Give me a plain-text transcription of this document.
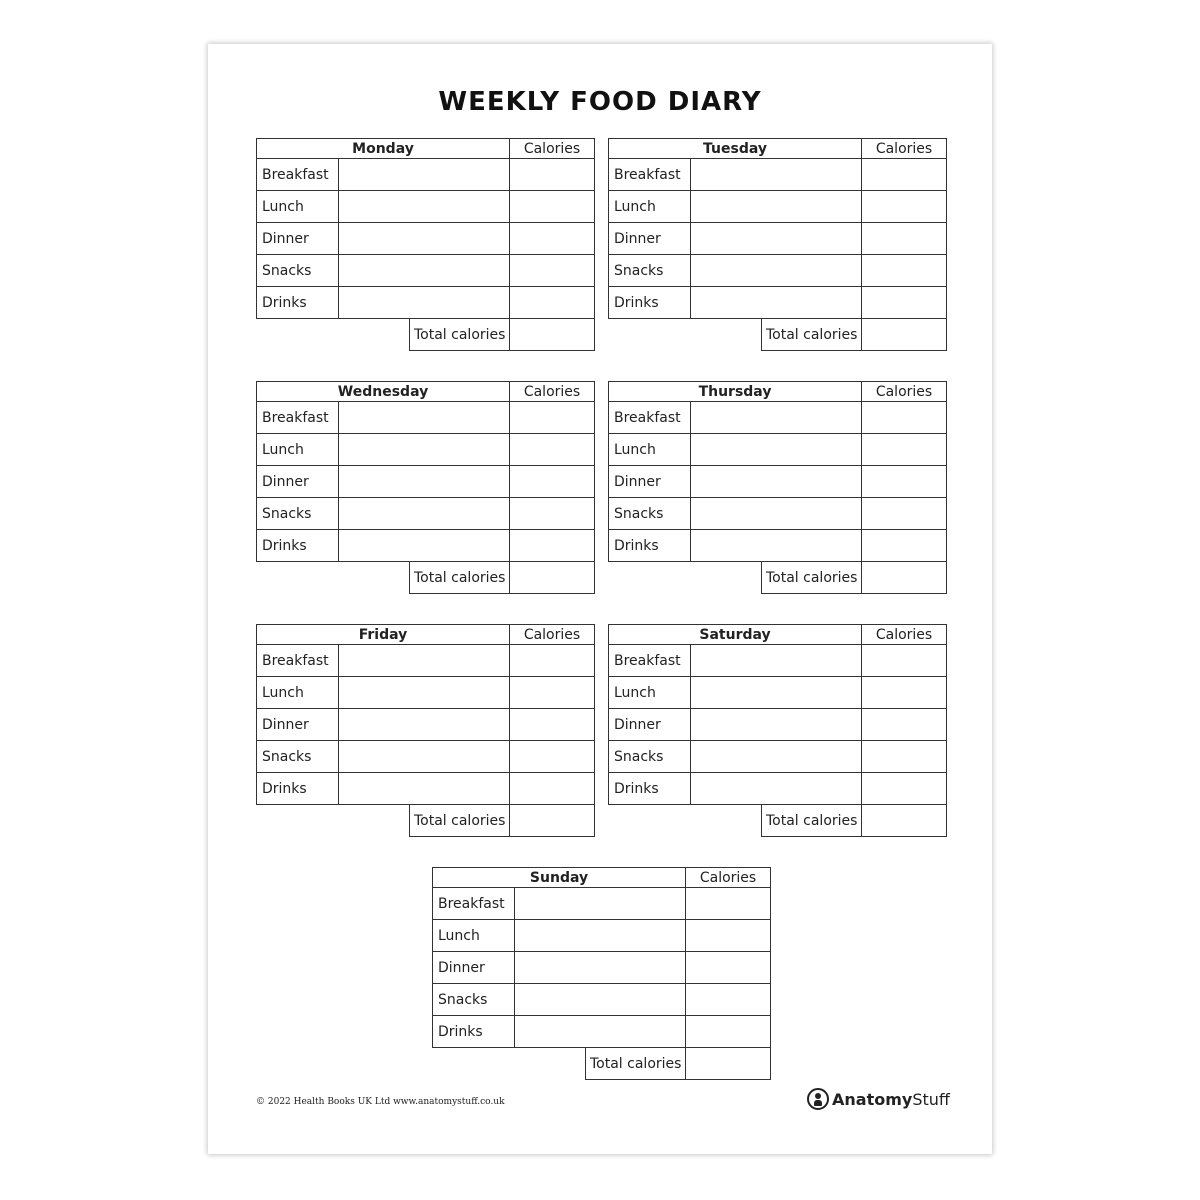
WEEKLY FOOD DIARY
Monday			Calories
Breakfast			
Lunch			
Dinner			
Snacks			
Drinks			
		Total calories	
Tuesday			Calories
Breakfast			
Lunch			
Dinner			
Snacks			
Drinks			
		Total calories	
Wednesday			Calories
Breakfast			
Lunch			
Dinner			
Snacks			
Drinks			
		Total calories	
Thursday			Calories
Breakfast			
Lunch			
Dinner			
Snacks			
Drinks			
		Total calories	
Friday			Calories
Breakfast			
Lunch			
Dinner			
Snacks			
Drinks			
		Total calories	
Saturday			Calories
Breakfast			
Lunch			
Dinner			
Snacks			
Drinks			
		Total calories	
Sunday			Calories
Breakfast			
Lunch			
Dinner			
Snacks			
Drinks			
		Total calories	
© 2022 Health Books UK Ltd www.anatomystuff.co.uk	Anatomy Stuff
